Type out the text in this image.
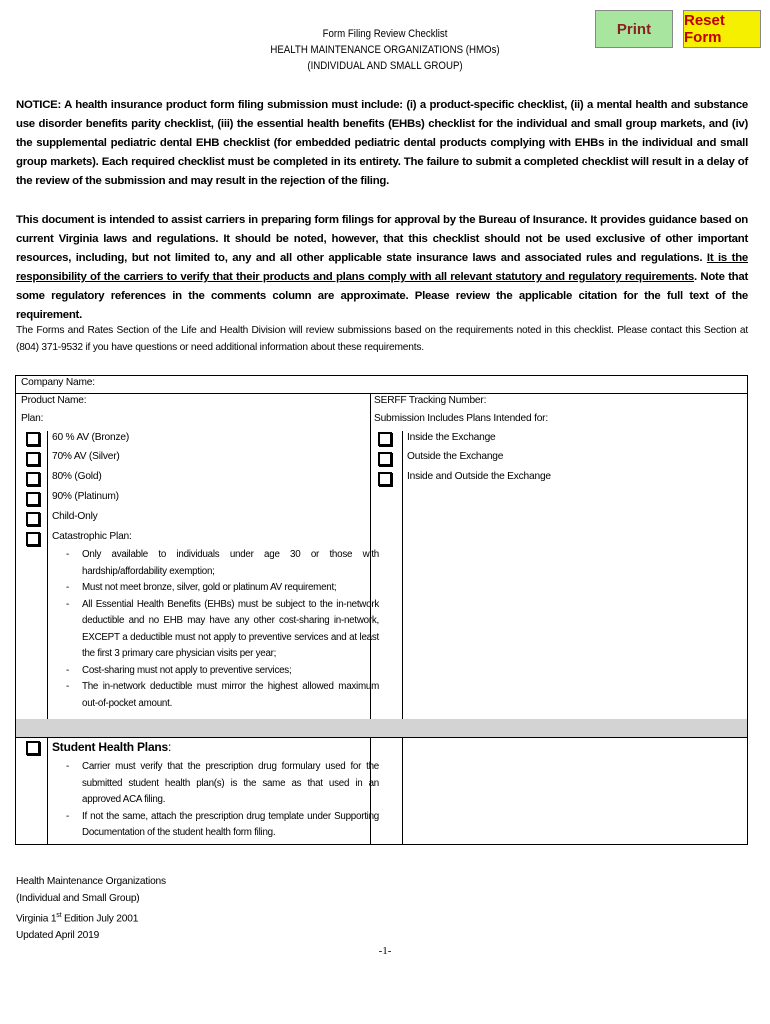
Form Filing Review Checklist
HEALTH MAINTENANCE ORGANIZATIONS (HMOs)
(INDIVIDUAL AND SMALL GROUP)
Print	Reset Form
NOTICE: A health insurance product form filing submission must include: (i) a product-specific checklist, (ii) a mental health and substance use disorder benefits parity checklist, (iii) the essential health benefits (EHBs) checklist for the individual and small group markets, and (iv) the supplemental pediatric dental EHB checklist (for embedded pediatric dental products complying with EHBs in the individual and small group markets). Each required checklist must be completed in its entirety. The failure to submit a completed checklist will result in a delay of the review of the submission and may result in the rejection of the filing.
This document is intended to assist carriers in preparing form filings for approval by the Bureau of Insurance. It provides guidance based on current Virginia laws and regulations. It should be noted, however, that this checklist should not be used exclusive of other important resources, including, but not limited to, any and all other applicable state insurance laws and associated rules and regulations. It is the responsibility of the carriers to verify that their products and plans comply with all relevant statutory and regulatory requirements. Note that some regulatory references in the comments column are approximate. Please review the applicable citation for the full text of the requirement.
The Forms and Rates Section of the Life and Health Division will review submissions based on the requirements noted in this checklist. Please contact this Section at (804) 371-9532 if you have questions or need additional information about these requirements.
Company Name:
Product Name:
Plan:
SERFF Tracking Number:
Submission Includes Plans Intended for:
60 % AV (Bronze)
70% AV (Silver)
80% (Gold)
90% (Platinum)
Child-Only
Catastrophic Plan:
- Only available to individuals under age 30 or those with hardship/affordability exemption;
- Must not meet bronze, silver, gold or platinum AV requirement;
- All Essential Health Benefits (EHBs) must be subject to the in-network deductible and no EHB may have any other cost-sharing in-network, EXCEPT a deductible must not apply to preventive services and at least the first 3 primary care physician visits per year;
- Cost-sharing must not apply to preventive services;
- The in-network deductible must mirror the highest allowed maximum out-of-pocket amount.
Inside the Exchange
Outside the Exchange
Inside and Outside the Exchange
Student Health Plans:
- Carrier must verify that the prescription drug formulary used for the submitted student health plan(s) is the same as that used in an approved ACA filing.
- If not the same, attach the prescription drug template under Supporting Documentation of the student health form filing.
Health Maintenance Organizations
(Individual and Small Group)
Virginia 1st Edition July 2001
Updated April 2019
-1-
